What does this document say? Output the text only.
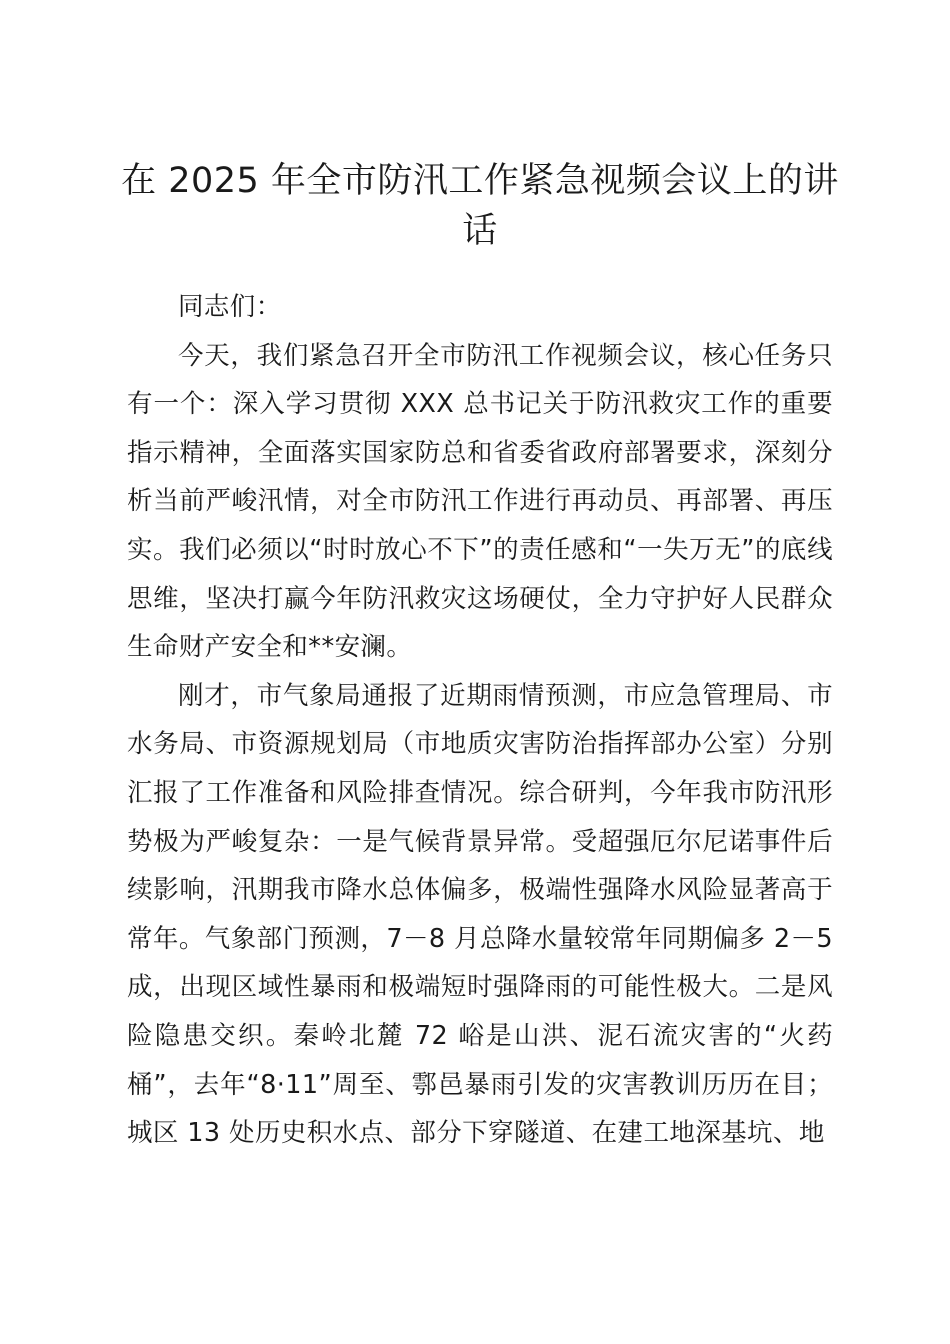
在 2025 年全市防汛工作紧急视频会议上的讲话

同志们：

今天，我们紧急召开全市防汛工作视频会议，核心任务只有一个：深入学习贯彻 XXX 总书记关于防汛救灾工作的重要指示精神，全面落实国家防总和省委省政府部署要求，深刻分析当前严峻汛情，对全市防汛工作进行再动员、再部署、再压实。我们必须以“时时放心不下”的责任感和“一失万无”的底线思维，坚决打赢今年防汛救灾这场硬仗，全力守护好人民群众生命财产安全和**安澜。

刚才，市气象局通报了近期雨情预测，市应急管理局、市水务局、市资源规划局（市地质灾害防治指挥部办公室）分别汇报了工作准备和风险排查情况。综合研判，今年我市防汛形势极为严峻复杂：一是气候背景异常。受超强厄尔尼诺事件后续影响，汛期我市降水总体偏多，极端性强降水风险显著高于常年。气象部门预测，7－8 月总降水量较常年同期偏多 2－5 成，出现区域性暴雨和极端短时强降雨的可能性极大。二是风险隐患交织。秦岭北麓 72 峪是山洪、泥石流灾害的“火药桶”，去年“8·11”周至、鄠邑暴雨引发的灾害教训历历在目；城区 13 处历史积水点、部分下穿隧道、在建工地深基坑、地
